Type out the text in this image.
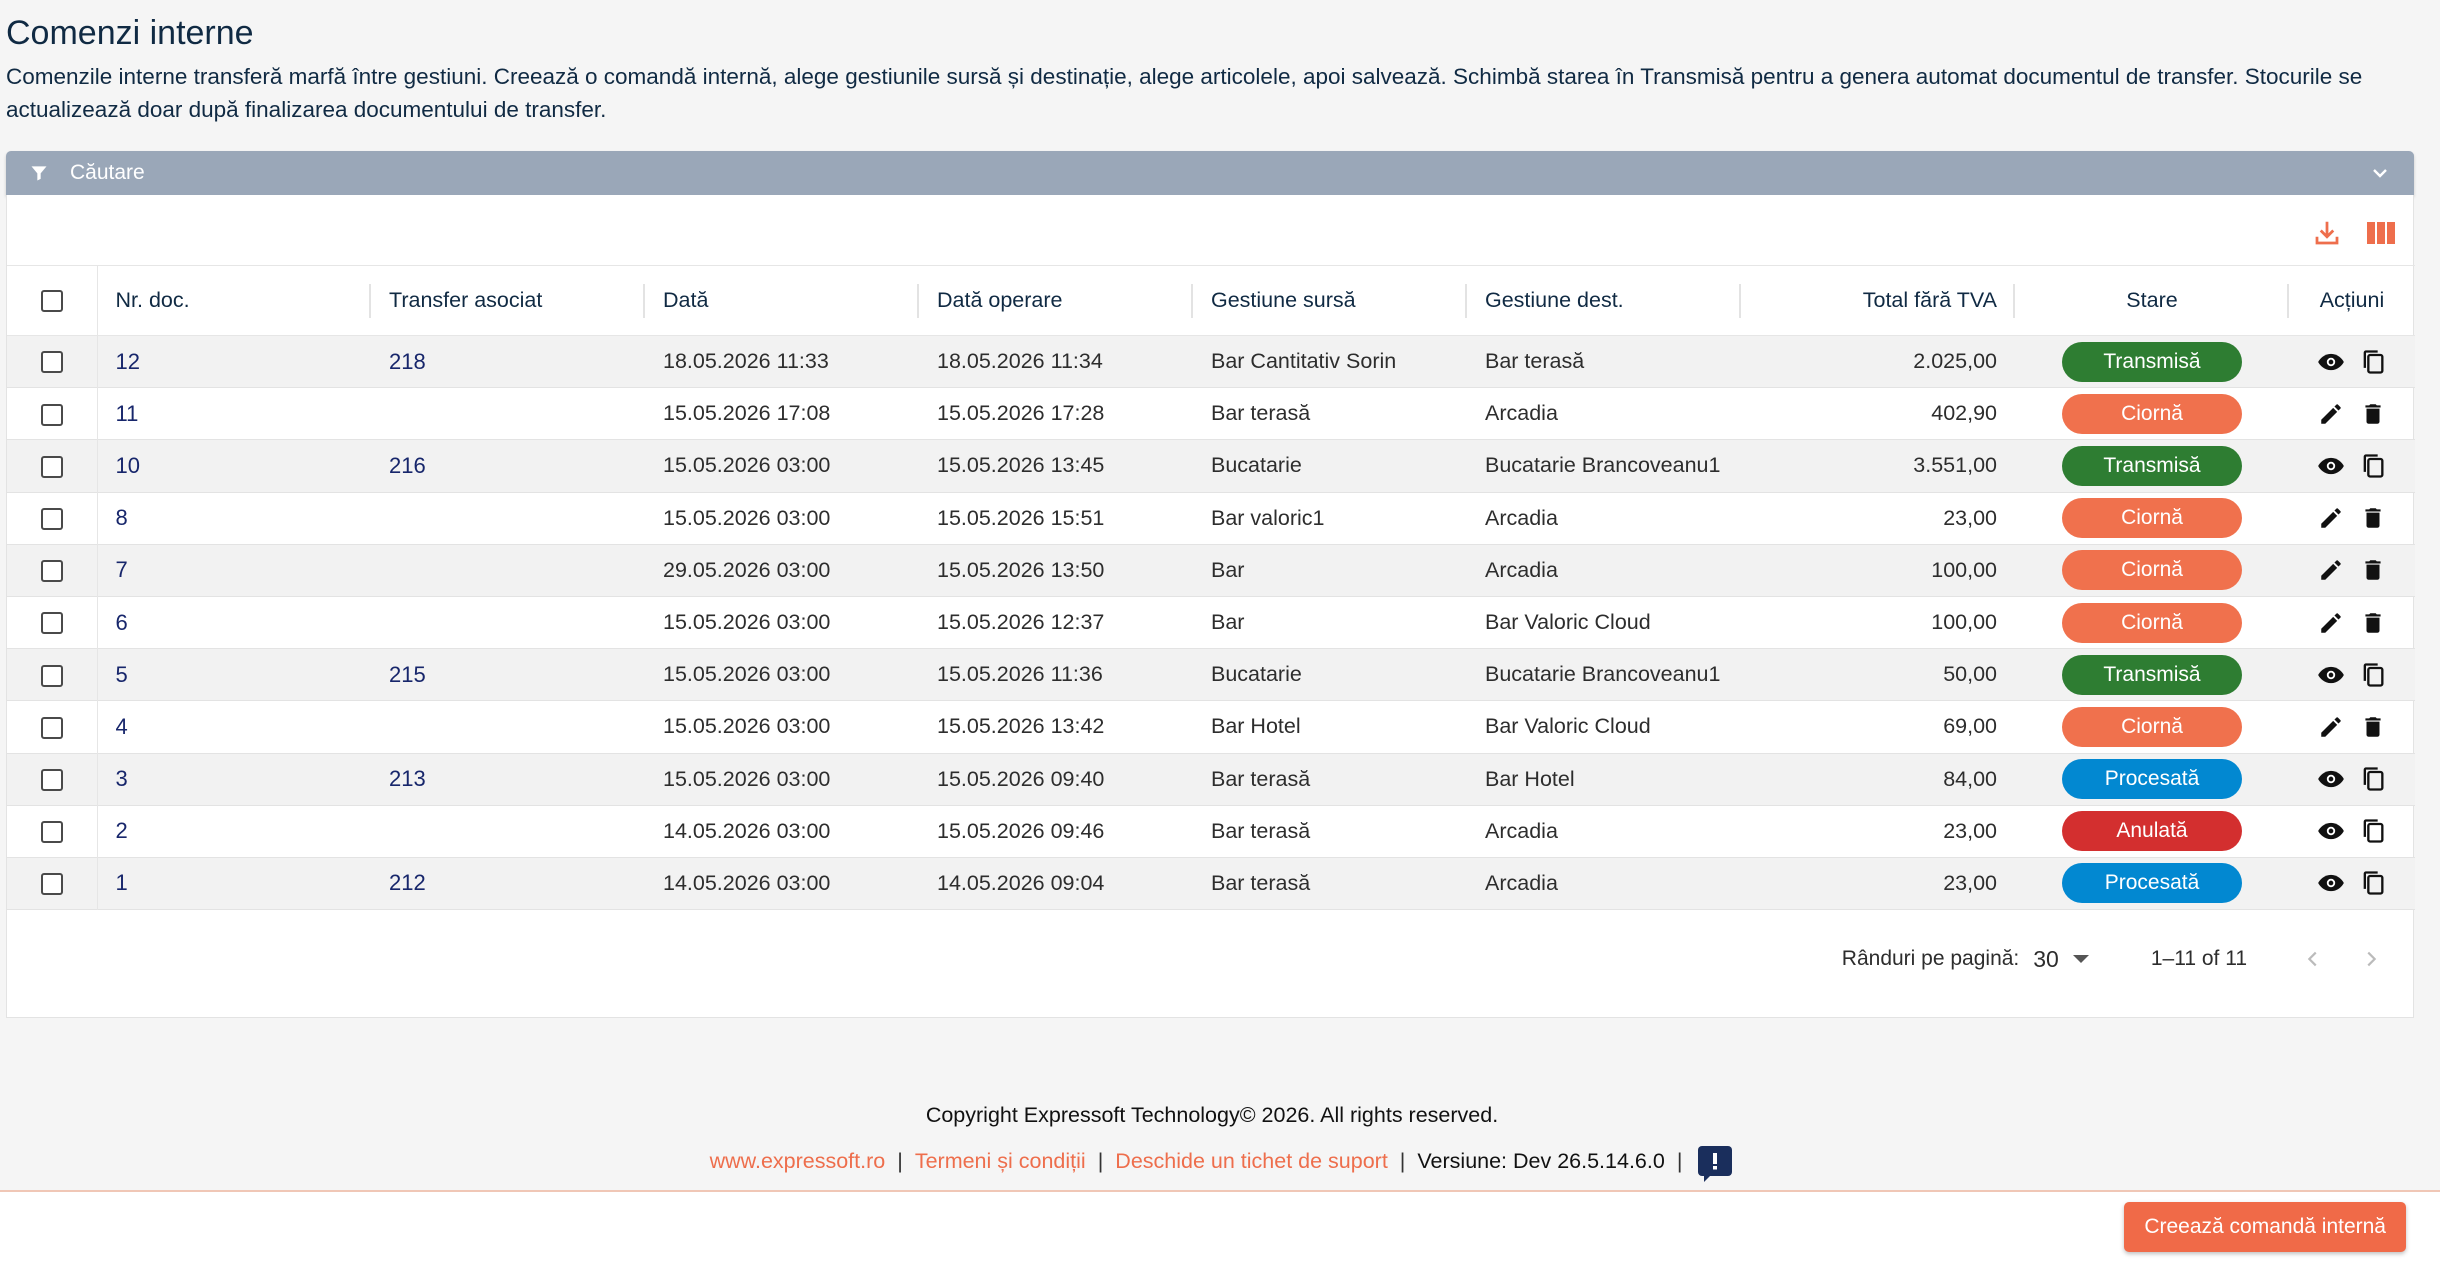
Comenzi interne

Comenzile interne transferă marfă între gestiuni. Creează o comandă internă, alege gestiunile sursă și destinație, alege articolele, apoi salvează. Schimbă starea în Transmisă pentru a genera automat documentul de transfer. Stocurile se actualizează doar după finalizarea documentului de transfer.

Căutare
	Nr. doc.	Transfer asociat	Dată	Dată operare	Gestiune sursă	Gestiune dest.	Total fără TVA	Stare	Acțiuni
	12	218	18.05.2026 11:33	18.05.2026 11:34	Bar Cantitativ Sorin	Bar terasă	2.025,00	Transmisă	

	11		15.05.2026 17:08	15.05.2026 17:28	Bar terasă	Arcadia	402,90	Ciornă	

	10	216	15.05.2026 03:00	15.05.2026 13:45	Bucatarie	Bucatarie Brancoveanu1	3.551,00	Transmisă	

	8		15.05.2026 03:00	15.05.2026 15:51	Bar valoric1	Arcadia	23,00	Ciornă	

	7		29.05.2026 03:00	15.05.2026 13:50	Bar	Arcadia	100,00	Ciornă	

	6		15.05.2026 03:00	15.05.2026 12:37	Bar	Bar Valoric Cloud	100,00	Ciornă	

	5	215	15.05.2026 03:00	15.05.2026 11:36	Bucatarie	Bucatarie Brancoveanu1	50,00	Transmisă	

	4		15.05.2026 03:00	15.05.2026 13:42	Bar Hotel	Bar Valoric Cloud	69,00	Ciornă	

	3	213	15.05.2026 03:00	15.05.2026 09:40	Bar terasă	Bar Hotel	84,00	Procesată	

	2		14.05.2026 03:00	15.05.2026 09:46	Bar terasă	Arcadia	23,00	Anulată	

	1	212	14.05.2026 03:00	14.05.2026 09:04	Bar terasă	Arcadia	23,00	Procesată	
Rânduri pe pagină: 30	1–11 of 11
Copyright Expressoft Technology© 2026. All rights reserved.
www.expressoft.ro | Termeni și condiții | Deschide un tichet de suport | Versiune: Dev 26.5.14.6.0 |
Creează comandă internă
